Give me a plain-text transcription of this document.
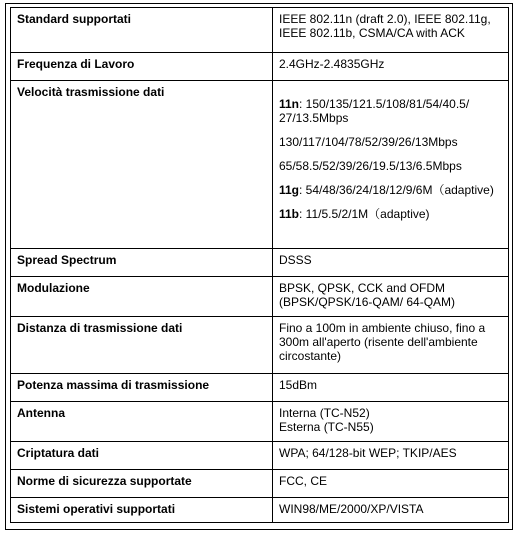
Standard supportati	IEEE 802.11n (draft 2.0), IEEE 802.11g, IEEE 802.11b, CSMA/CA with ACK
Frequenza di Lavoro	2.4GHz-2.4835GHz
Velocità trasmissione dati	11n: 150/135/121.5/108/81/54/40.5/ 27/13.5Mbps

130/117/104/78/52/39/26/13Mbps

65/58.5/52/39/26/19.5/13/6.5Mbps

11g: 54/48/36/24/18/12/9/6M（adaptive)

11b: 11/5.5/2/1M（adaptive)

Spread Spectrum	DSSS
Modulazione	BPSK, QPSK, CCK and OFDM (BPSK/QPSK/16-QAM/ 64-QAM)
Distanza di trasmissione dati	Fino a 100m in ambiente chiuso, fino a 300m all'aperto (risente dell'ambiente circostante)
Potenza massima di trasmissione	15dBm
Antenna	Interna (TC-N52)
Esterna (TC-N55)

Criptatura dati	WPA; 64/128-bit WEP; TKIP/AES
Norme di sicurezza supportate	FCC, CE
Sistemi operativi supportati	WIN98/ME/2000/XP/VISTA
